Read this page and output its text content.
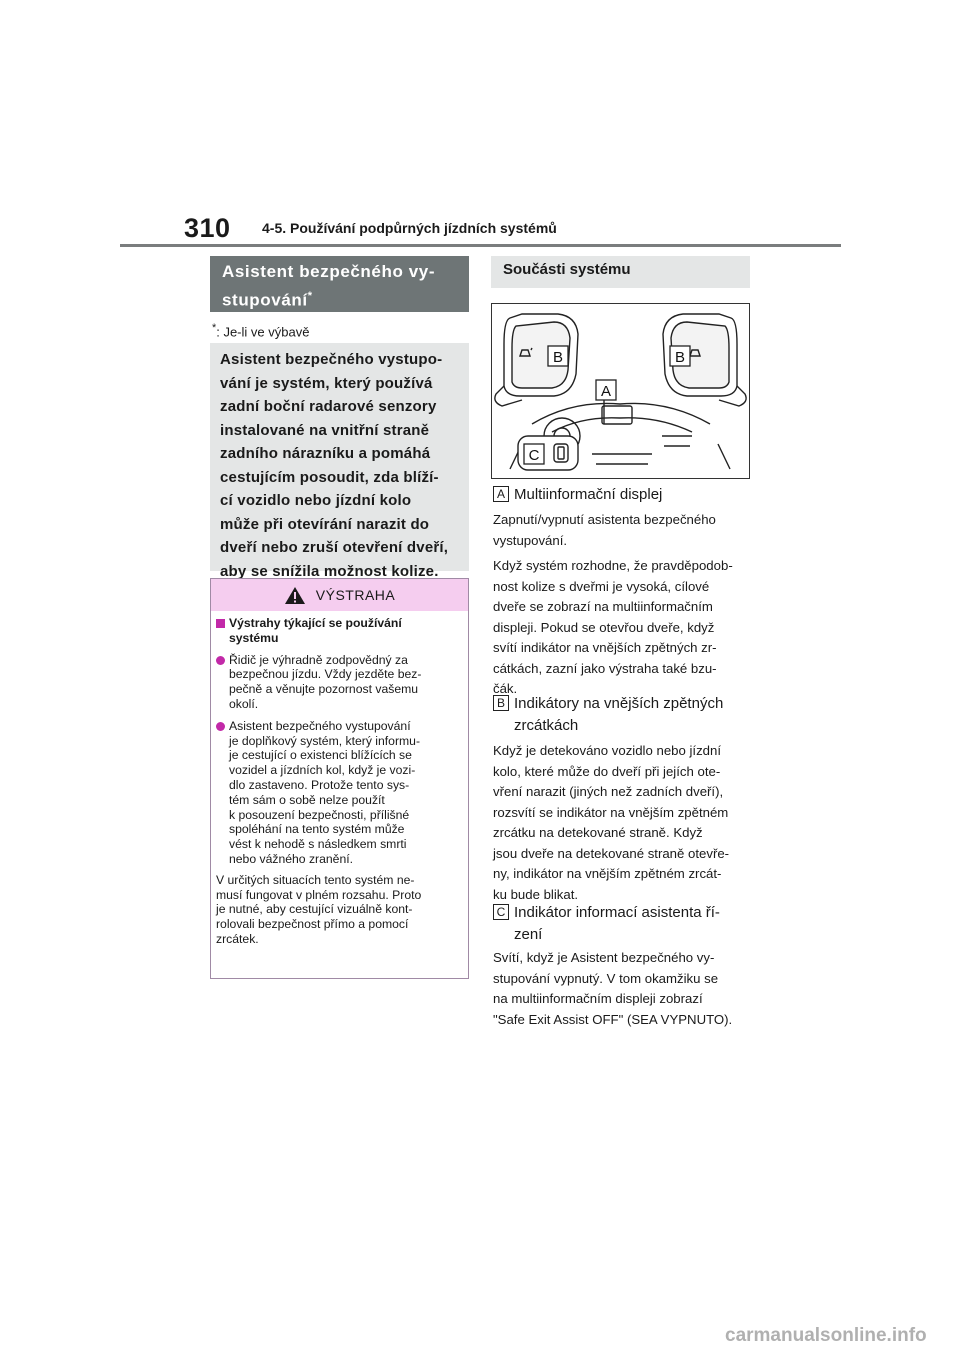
310 4-5. Používání podpůrných jízdních systémů
Asistent bezpečného vy-
stupování*
*: Je-li ve výbavě
Asistent bezpečného vystupo-
vání je systém, který používá
zadní boční radarové senzory
instalované na vnitřní straně
zadního nárazníku a pomáhá
cestujícím posoudit, zda blíží-
cí vozidlo nebo jízdní kolo
může při otevírání narazit do
dveří nebo zruší otevření dveří,
aby se snížila možnost kolize.
VÝSTRAHA
Výstrahy týkající se používání
systému
Řidič je výhradně zodpovědný za
bezpečnou jízdu. Vždy jezděte bez-
pečně a věnujte pozornost vašemu
okolí.
Asistent bezpečného vystupování
je doplňkový systém, který informu-
je cestující o existenci blížících se
vozidel a jízdních kol, když je vozi-
dlo zastaveno. Protože tento sys-
tém sám o sobě nelze použít
k posouzení bezpečnosti, přílišné
spoléhání na tento systém může
vést k nehodě s následkem smrti
nebo vážného zranění.
V určitých situacích tento systém ne-
musí fungovat v plném rozsahu. Proto
je nutné, aby cestující vizuálně kont-
rolovali bezpečnost přímo a pomocí
zrcátek.
Součásti systému
B	B
A
C
A Multiinformační displej
Zapnutí/vypnutí asistenta bezpečného
vystupování.
Když systém rozhodne, že pravděpodob-
nost kolize s dveřmi je vysoká, cílové
dveře se zobrazí na multiinformačním
displeji. Pokud se otevřou dveře, když
svítí indikátor na vnějších zpětných zr-
cátkách, zazní jako výstraha také bzu-
čák.
B Indikátory na vnějších zpětných
zrcátkách
Když je detekováno vozidlo nebo jízdní
kolo, které může do dveří při jejích ote-
vření narazit (jiných než zadních dveří),
rozsvítí se indikátor na vnějším zpětném
zrcátku na detekované straně. Když
jsou dveře na detekované straně otevře-
ny, indikátor na vnějším zpětném zrcát-
ku bude blikat.
C Indikátor informací asistenta ří-
zení
Svítí, když je Asistent bezpečného vy-
stupování vypnutý. V tom okamžiku se
na multiinformačním displeji zobrazí
"Safe Exit Assist OFF" (SEA VYPNUTO).
carmanualsonline.info
